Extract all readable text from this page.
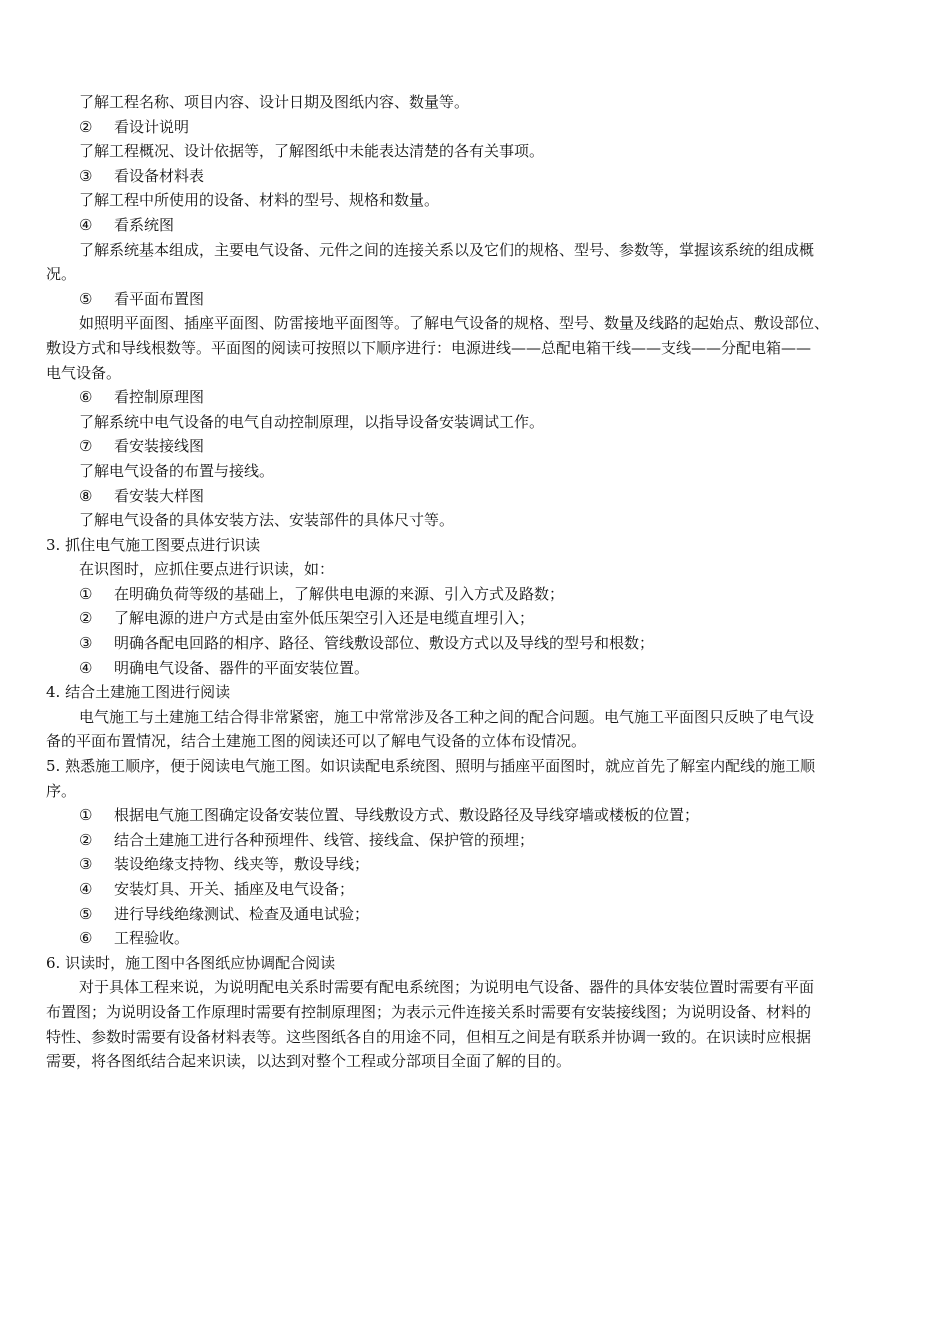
了解工程名称、项目内容、设计日期及图纸内容、数量等。
② 看设计说明
了解工程概况、设计依据等，了解图纸中未能表达清楚的各有关事项。
③ 看设备材料表
了解工程中所使用的设备、材料的型号、规格和数量。
④ 看系统图
了解系统基本组成，主要电气设备、元件之间的连接关系以及它们的规格、型号、参数等，掌握该系统的组成概
况。
⑤ 看平面布置图
如照明平面图、插座平面图、防雷接地平面图等。了解电气设备的规格、型号、数量及线路的起始点、敷设部位、
敷设方式和导线根数等。平面图的阅读可按照以下顺序进行：电源进线——总配电箱干线——支线——分配电箱——
电气设备。
⑥ 看控制原理图
了解系统中电气设备的电气自动控制原理，以指导设备安装调试工作。
⑦ 看安装接线图
了解电气设备的布置与接线。
⑧ 看安装大样图
了解电气设备的具体安装方法、安装部件的具体尺寸等。
3. 抓住电气施工图要点进行识读
在识图时，应抓住要点进行识读，如：
① 在明确负荷等级的基础上，了解供电电源的来源、引入方式及路数；
② 了解电源的进户方式是由室外低压架空引入还是电缆直埋引入；
③ 明确各配电回路的相序、路径、管线敷设部位、敷设方式以及导线的型号和根数；
④ 明确电气设备、器件的平面安装位置。
4. 结合土建施工图进行阅读
电气施工与土建施工结合得非常紧密，施工中常常涉及各工种之间的配合问题。电气施工平面图只反映了电气设
备的平面布置情况，结合土建施工图的阅读还可以了解电气设备的立体布设情况。
5. 熟悉施工顺序，便于阅读电气施工图。如识读配电系统图、照明与插座平面图时，就应首先了解室内配线的施工顺
序。
① 根据电气施工图确定设备安装位置、导线敷设方式、敷设路径及导线穿墙或楼板的位置；
② 结合土建施工进行各种预埋件、线管、接线盒、保护管的预埋；
③ 装设绝缘支持物、线夹等，敷设导线；
④ 安装灯具、开关、插座及电气设备；
⑤ 进行导线绝缘测试、检查及通电试验；
⑥ 工程验收。
6. 识读时，施工图中各图纸应协调配合阅读
对于具体工程来说，为说明配电关系时需要有配电系统图；为说明电气设备、器件的具体安装位置时需要有平面
布置图；为说明设备工作原理时需要有控制原理图；为表示元件连接关系时需要有安装接线图；为说明设备、材料的
特性、参数时需要有设备材料表等。这些图纸各自的用途不同，但相互之间是有联系并协调一致的。在识读时应根据
需要，将各图纸结合起来识读，以达到对整个工程或分部项目全面了解的目的。
